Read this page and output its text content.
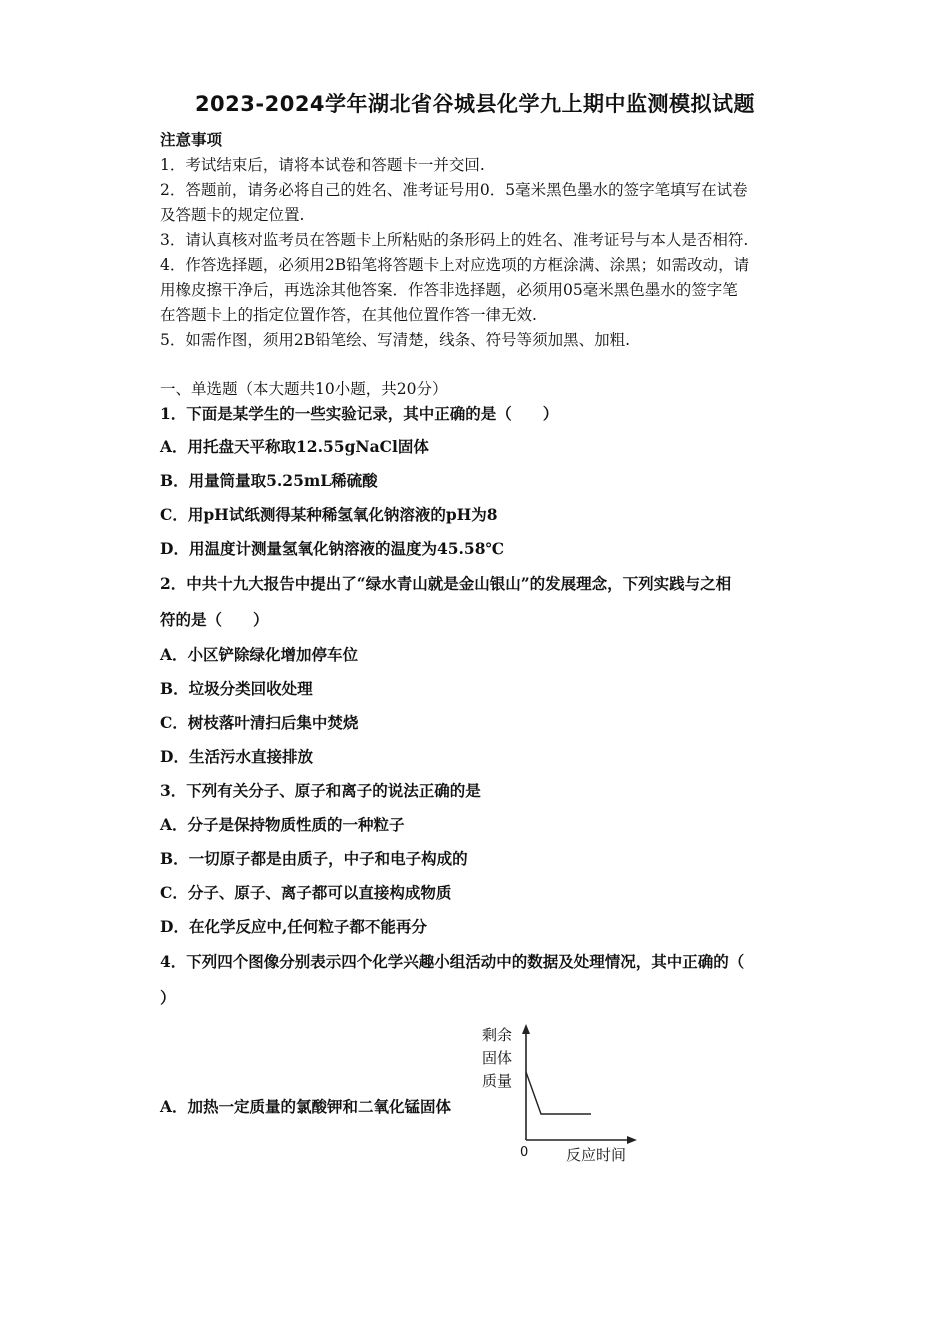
2023-2024学年湖北省谷城县化学九上期中监测模拟试题
注意事项
1．考试结束后，请将本试卷和答题卡一并交回.
2．答题前，请务必将自己的姓名、准考证号用0．5毫米黑色墨水的签字笔填写在试卷
及答题卡的规定位置.
3．请认真核对监考员在答题卡上所粘贴的条形码上的姓名、准考证号与本人是否相符.
4．作答选择题，必须用2B铅笔将答题卡上对应选项的方框涂满、涂黑；如需改动，请
用橡皮擦干净后，再选涂其他答案．作答非选择题，必须用05毫米黑色墨水的签字笔
在答题卡上的指定位置作答，在其他位置作答一律无效.
5．如需作图，须用2B铅笔绘、写清楚，线条、符号等须加黑、加粗.
一、单选题（本大题共10小题，共20分）
1．下面是某学生的一些实验记录，其中正确的是（　　）
A．用托盘天平称取12.55gNaCl固体
B．用量筒量取5.25mL稀硫酸
C．用pH试纸测得某种稀氢氧化钠溶液的pH为8
D．用温度计测量氢氧化钠溶液的温度为45.58℃
2．中共十九大报告中提出了“绿水青山就是金山银山”的发展理念，下列实践与之相
符的是（　　）
A．小区铲除绿化增加停车位
B．垃圾分类回收处理
C．树枝落叶清扫后集中焚烧
D．生活污水直接排放
3．下列有关分子、原子和离子的说法正确的是
A．分子是保持物质性质的一种粒子
B．一切原子都是由质子，中子和电子构成的
C．分子、原子、离子都可以直接构成物质
D．在化学反应中,任何粒子都不能再分
4．下列四个图像分别表示四个化学兴趣小组活动中的数据及处理情况，其中正确的（
）
A．加热一定质量的氯酸钾和二氧化锰固体
剩余
固体
质量
0	反应时间
